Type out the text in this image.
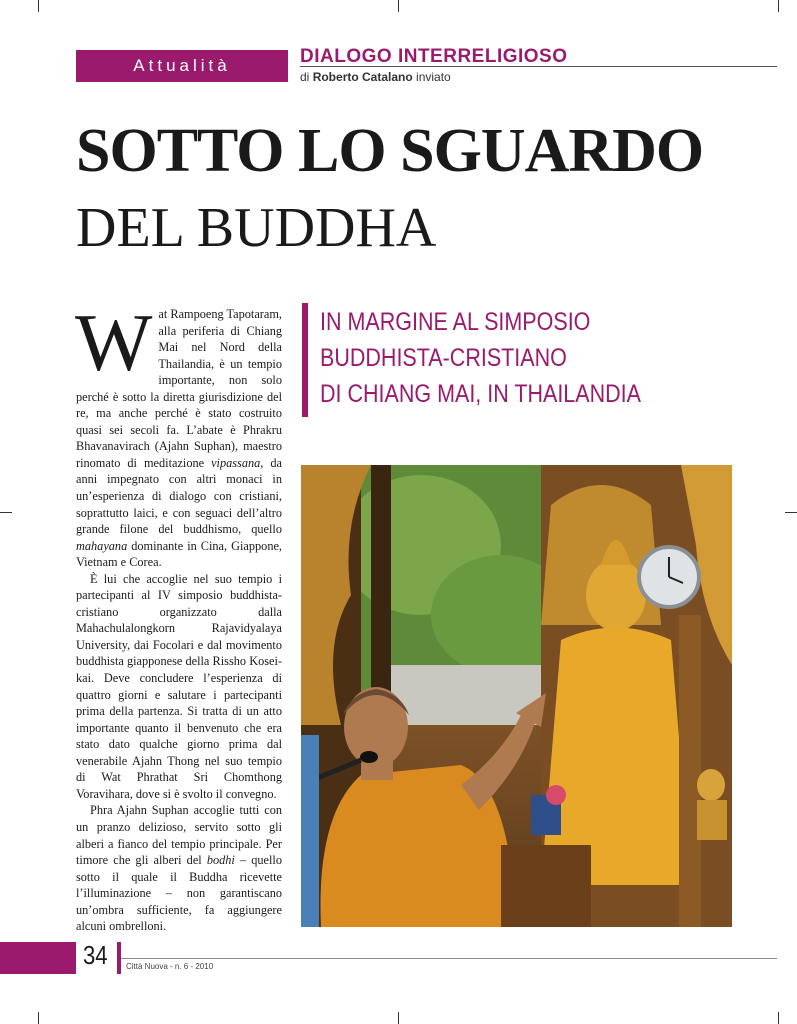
Attualità	DIALOGO INTERRELIGIOSO
di Roberto Catalano inviato
SOTTO LO SGUARDO
DEL BUDDHA
IN MARGINE AL SIMPOSIO
BUDDHISTA-CRISTIANO
DI CHIANG MAI, IN THAILANDIA

Wat Rampoeng Tapotaram, alla periferia di Chiang Mai nel Nord della Thailandia, è un tempio importante, non solo perché è sotto la diretta giurisdizione del re, ma anche perché è stato costruito quasi sei secoli fa. L’abate è Phrakru Bhavanavirach (Ajahn Suphan), maestro rinomato di meditazione vipassana, da anni impegnato con altri monaci in un’esperienza di dialogo con cristiani, soprattutto laici, e con seguaci dell’altro grande filone del buddhismo, quello mahayana dominante in Cina, Giappone, Vietnam e Corea.

È lui che accoglie nel suo tempio i partecipanti al IV simposio buddhista-cristiano organizzato dalla Mahachulalongkorn Rajavidyalaya University, dai Focolari e dal movimento buddhista giapponese della Rissho Kosei-kai. Deve concludere l’esperienza di quattro giorni e salutare i partecipanti prima della partenza. Si tratta di un atto importante quanto il benvenuto che era stato dato qualche giorno prima dal venerabile Ajahn Thong nel suo tempio di Wat Phrathat Sri Chomthong Voravihara, dove si è svolto il convegno.

Phra Ajahn Suphan accoglie tutti con un pranzo delizioso, servito sotto gli alberi a fianco del tempio principale. Per timore che gli alberi del bodhi – quello sotto il quale il Buddha ricevette l’illuminazione – non garantiscano un’ombra sufficiente, fa aggiungere alcuni ombrelloni.

34 Città Nuova - n. 6 - 2010
